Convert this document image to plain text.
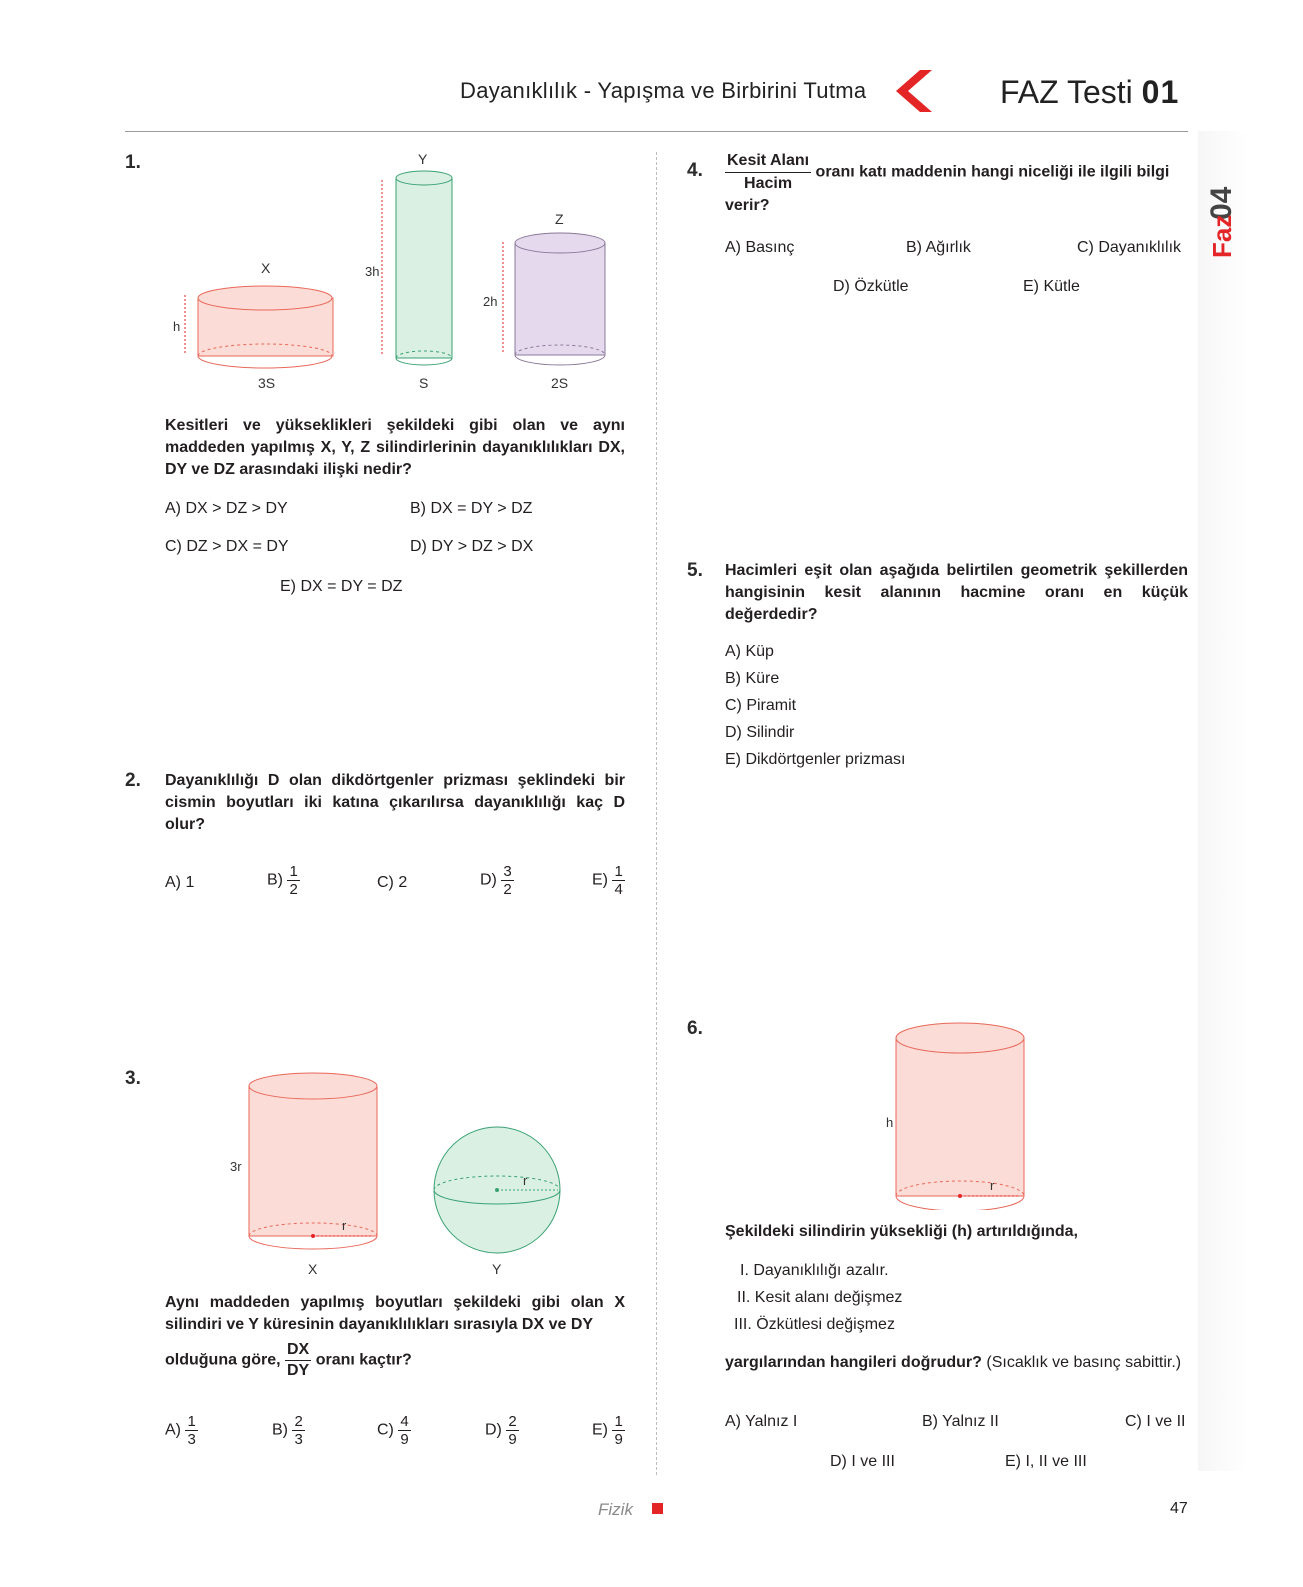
Dayanıklılık - Yapışma ve Birbirini Tutma	FAZ Testi 01
04
Faz
1.
X
h
3S
Y
3h
S
Z
2h
2S
Kesitleri ve yükseklikleri şekildeki gibi olan ve aynı maddeden yapılmış X, Y, Z silindirlerinin dayanıklılıkları DX, DY ve DZ arasındaki ilişki nedir?
A) DX > DZ > DY	B) DX = DY > DZ
C) DZ > DX = DY	D) DY > DZ > DX
E) DX = DY = DZ
2. Dayanıklılığı D olan dikdörtgenler prizması şeklindeki bir cismin boyutları iki katına çıkarılırsa dayanıklılığı kaç D olur?
A) 1	$B) \frac{1}{2}$	C) 2	$D) \frac{3}{2}$	$E) \frac{1}{4}$
3.
3r
r
X
r
Y
Aynı maddeden yapılmış boyutları şekildeki gibi olan X silindiri ve Y küresinin dayanıklılıkları sırasıyla DX ve DY
olduğuna göre, $\frac{DX}{DY}$ oranı kaçtır?
$A) \frac{1}{3}$	$B) \frac{2}{3}$	$C) \frac{4}{9}$	$D) \frac{2}{9}$	$E) \frac{1}{9}$
4. $\frac{\text{Kesit Alanı}}{\text{Hacim}}$ oranı katı maddenin hangi niceliği ile ilgili bilgi
verir?
A) Basınç	B) Ağırlık	C) Dayanıklılık
D) Özkütle	E) Kütle
5. Hacimleri eşit olan aşağıda belirtilen geometrik şekillerden hangisinin kesit alanının hacmine oranı en küçük değerdedir?
A) Küp
B) Küre
C) Piramit
D) Silindir
E) Dikdörtgenler prizması
6.
h
r
Şekildeki silindirin yüksekliği (h) artırıldığında,
I. Dayanıklılığı azalır.
II. Kesit alanı değişmez
III. Özkütlesi değişmez
yargılarından hangileri doğrudur? (Sıcaklık ve basınç sabittir.)
A) Yalnız I	B) Yalnız II	C) I ve II
D) I ve III	E) I, II ve III
Fizik	47
